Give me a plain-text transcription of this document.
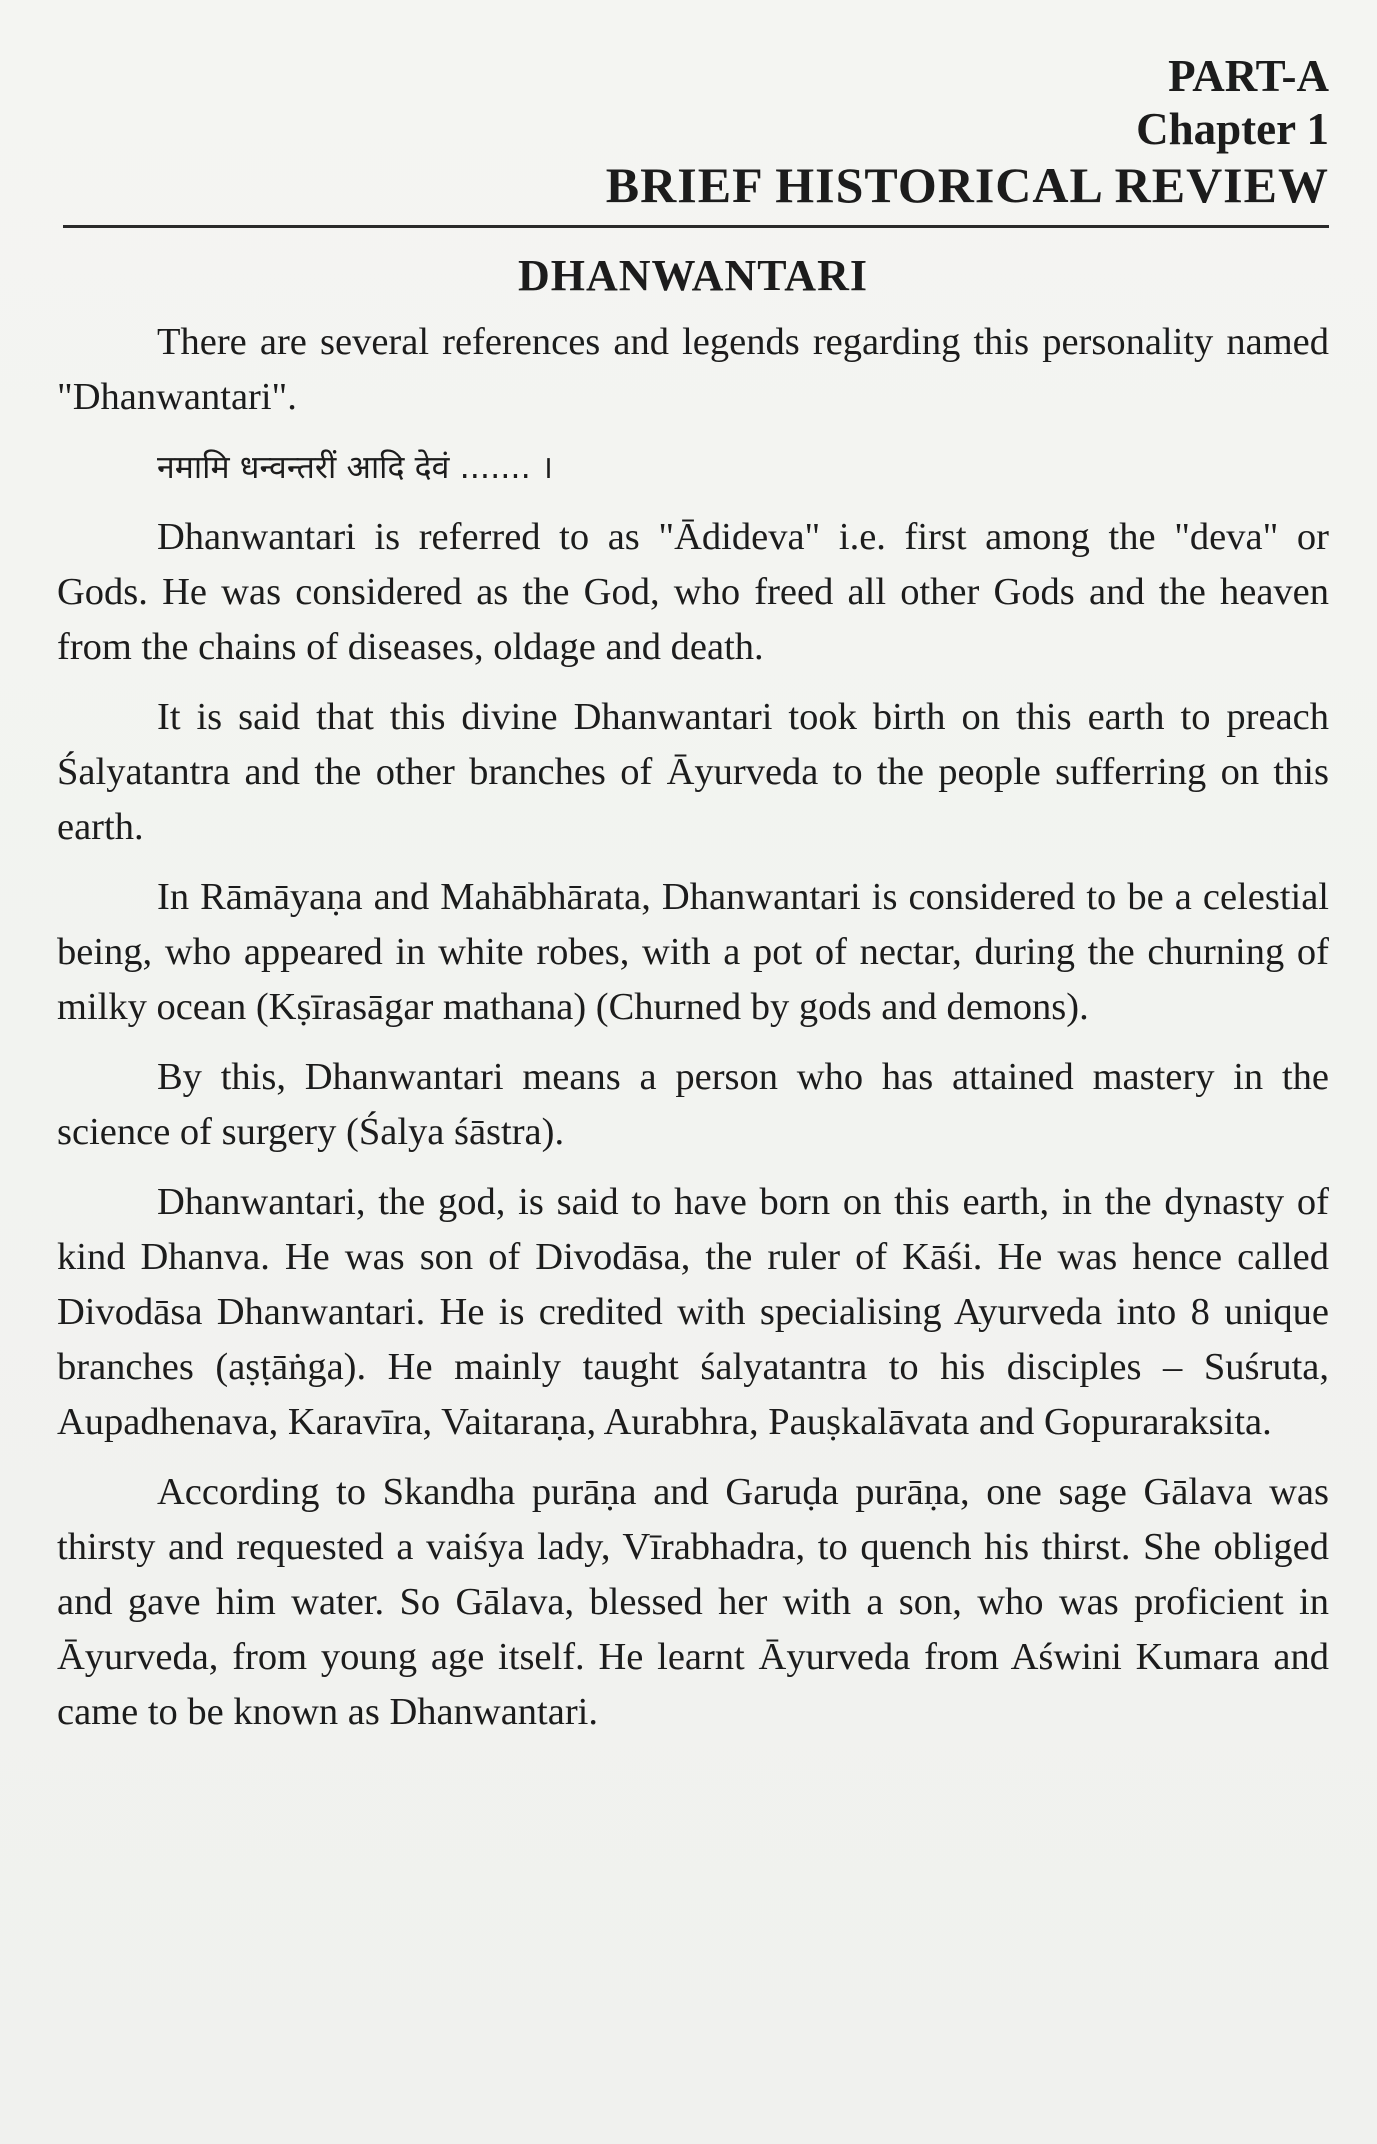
PART-A

Chapter 1

BRIEF HISTORICAL REVIEW

DHANWANTARI

There are several references and legends regarding this personality named "Dhanwantari".

नमामि धन्वन्तरीं आदि देवं ....... ।

Dhanwantari is referred to as "Ādideva" i.e. first among the "deva" or Gods. He was considered as the God, who freed all other Gods and the heaven from the chains of diseases, oldage and death.

It is said that this divine Dhanwantari took birth on this earth to preach Śalyatantra and the other branches of Āyurveda to the people sufferring on this earth.

In Rāmāyaṇa and Mahābhārata, Dhanwantari is considered to be a celestial being, who appeared in white robes, with a pot of nectar, during the churning of milky ocean (Kṣīrasāgar mathana) (Churned by gods and demons).

By this, Dhanwantari means a person who has attained mastery in the science of surgery (Śalya śāstra).

Dhanwantari, the god, is said to have born on this earth, in the dynasty of kind Dhanva. He was son of Divodāsa, the ruler of Kāśi. He was hence called Divodāsa Dhanwantari. He is credited with specialising Ayurveda into 8 unique branches (aṣṭāṅga). He mainly taught śalyatantra to his disciples – Suśruta, Aupadhenava, Karavīra, Vaitaraṇa, Aurabhra, Pauṣkalāvata and Gopuraraksita.

According to Skandha purāṇa and Garuḍa purāṇa, one sage Gālava was thirsty and requested a vaiśya lady, Vīrabhadra, to quench his thirst. She obliged and gave him water. So Gālava, blessed her with a son, who was proficient in Āyurveda, from young age itself. He learnt Āyurveda from Aświni Kumara and came to be known as Dhanwantari.
